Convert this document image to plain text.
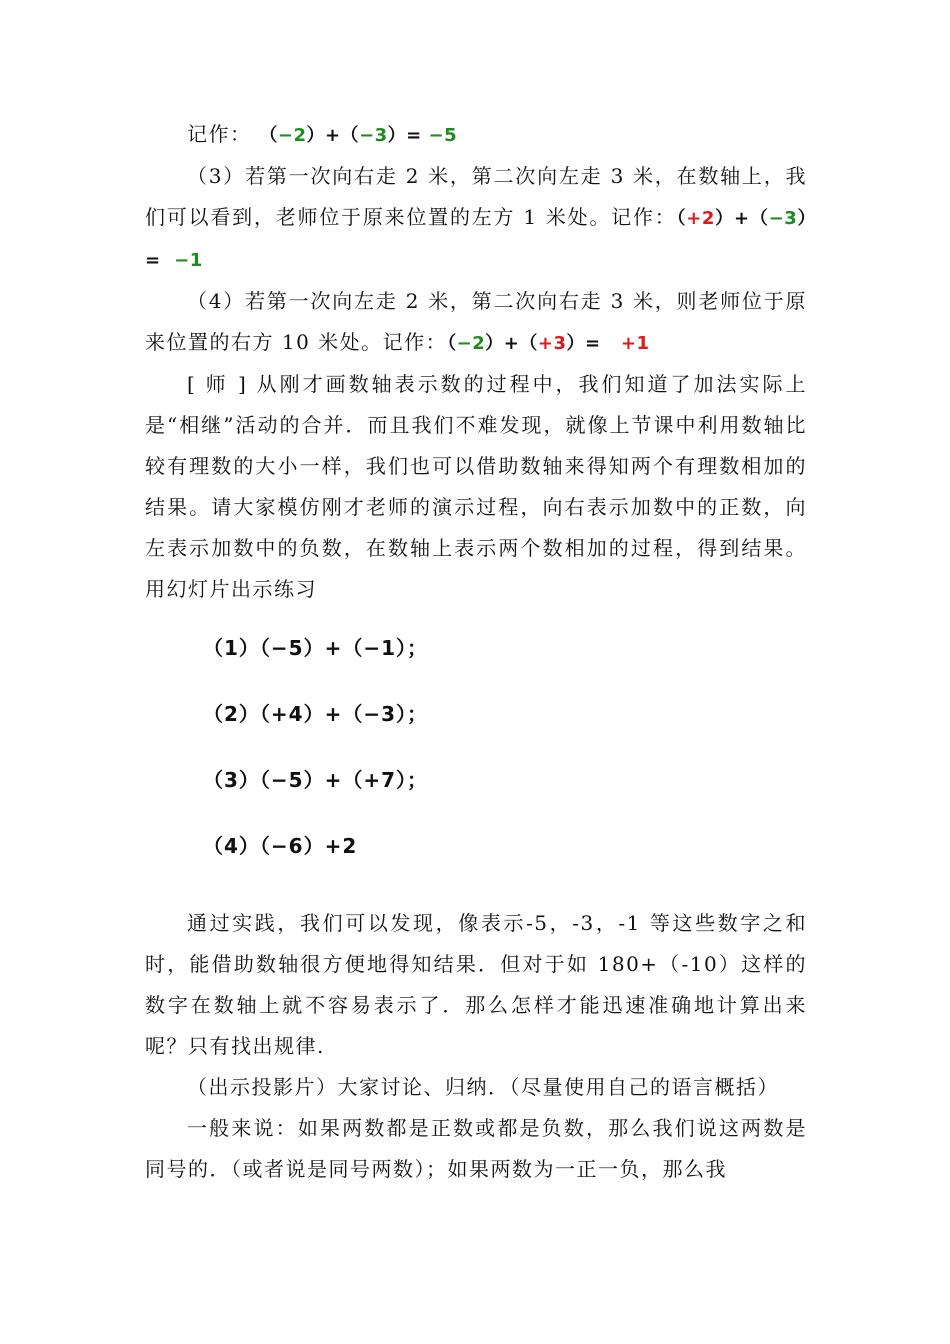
记作： （−2）+（−3）= −5

（3）若第一次向右走 2 米，第二次向左走 3 米，在数轴上，我们可以看到，老师位于原来位置的左方 1 米处。记作：（+2）+（−3）= −1

（4）若第一次向左走 2 米，第二次向右走 3 米，则老师位于原来位置的右方 10 米处。记作：（−2）+（+3）= +1

[ 师 ] 从刚才画数轴表示数的过程中，我们知道了加法实际上是“相继”活动的合并．而且我们不难发现，就像上节课中利用数轴比较有理数的大小一样，我们也可以借助数轴来得知两个有理数相加的结果。请大家模仿刚才老师的演示过程，向右表示加数中的正数，向左表示加数中的负数，在数轴上表示两个数相加的过程，得到结果。用幻灯片出示练习

（1）（−5）+（−1）；

（2）（+4）+（−3）；

（3）（−5）+（+7）；

（4）（−6）+2

通过实践，我们可以发现，像表示-5，-3，-1 等这些数字之和时，能借助数轴很方便地得知结果．但对于如 180+（-10）这样的数字在数轴上就不容易表示了．那么怎样才能迅速准确地计算出来呢？只有找出规律.

（出示投影片）大家讨论、归纳．（尽量使用自己的语言概括）

一般来说：如果两数都是正数或都是负数，那么我们说这两数是同号的．（或者说是同号两数）；如果两数为一正一负，那么我
